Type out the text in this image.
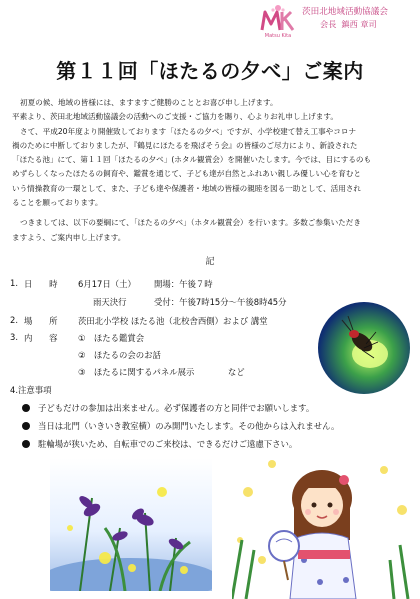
Matsu Kita
茨田北地域活動協議会
会長 鎮西 章司
第１１回「ほたるの夕べ」ご案内

初夏の候、地域の皆様には、ますますご健勝のこととお喜び申し上げます。

平素より、茨田北地域活動協議会の活動へのご支援・ご協力を賜り、心よりお礼申し上げます。

さて、平成20年度より開催致しております「ほたるの夕べ」ですが、小学校建て替え工事やコロナ

禍のために中断しておりましたが、『鶴見にほたるを飛ばそう会』の皆様のご尽力により、新設された

「ほたる池」にて、第１１回「ほたるの夕べ」(ホタル観賞会）を開催いたします。今では、目にするのも

めずらしくなったほたるの飼育や、鑑賞を通じて、子ども達が自然とふれあい親しみ優しい心を育むと

いう情操教育の一環として、また、子ども達や保護者・地域の皆様の親睦を図る一助として、活用され

ることを願っております。

つきましては、以下の要綱にて、「ほたるの夕べ」（ホタル観賞会）を行います。多数ご参集いただき

ますよう、ご案内申し上げます。

記
1. 日　　時 6月17日（土） 開場：午後７時
雨天決行	受付：午後7時15分～午後8時45分
2. 場　　所 茨田北小学校 ほたる池（北校舎西側）および 講堂
3. 内　　容 ①　ほたる鑑賞会
②　ほたるの会のお話
③　ほたるに関するパネル展示　　　　など
4.注意事項
子どもだけの参加は出来ません。必ず保護者の方と同伴でお願いします。
当日は北門（いきいき教室横）のみ開門いたします。その他からは入れません。
駐輪場が狭いため、自転車でのご来校は、できるだけご遠慮下さい。
